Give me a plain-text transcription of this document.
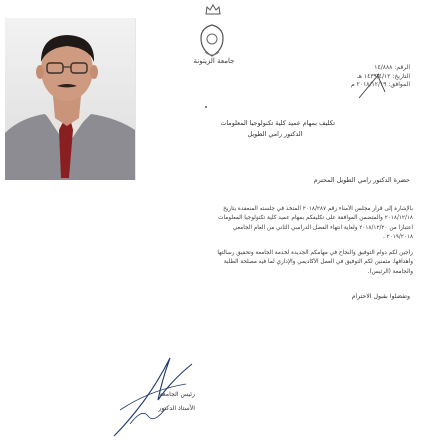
جامعة الزيتونة
الرقم: ١٤/٨٨٨
التاريخ: ١٤٣٩/٤/١٢ هـ
الموافق: ٢٠١٨/١٢/١٩ م
تكليف بمهام عميد كلية تكنولوجيا المعلومات
الدكتور رامي الطويل
حضرة الدكتور رامي الطويل المحترم
بالإشارة إلى قرار مجلس الأمناء رقم ٢٠١٨/٢٨٧ المتخذ في جلسته المنعقدة بتاريخ
٢٠١٨/١٢/١٨ والمتضمن الموافقة على تكليفكم بمهام عميد كلية تكنولوجيا المعلومات
اعتباراً من ٢٠١٨/١٢/٢٠ ولغاية انتهاء الفصل الدراسي الثاني من العام الجامعي
٢٠١٩/٢٠١٨ .
راجين لكم دوام التوفيق والنجاح في مهامكم الجديدة لخدمة الجامعة وتحقيق رسالتها
وأهدافها، متمنين لكم التوفيق في العمل الأكاديمي والإداري لما فيه مصلحة الطلبة
والجامعة (الرئيس).
وتفضلوا بقبول الاحترام
رئيس الجامعة
الأستاذ الدكتور
